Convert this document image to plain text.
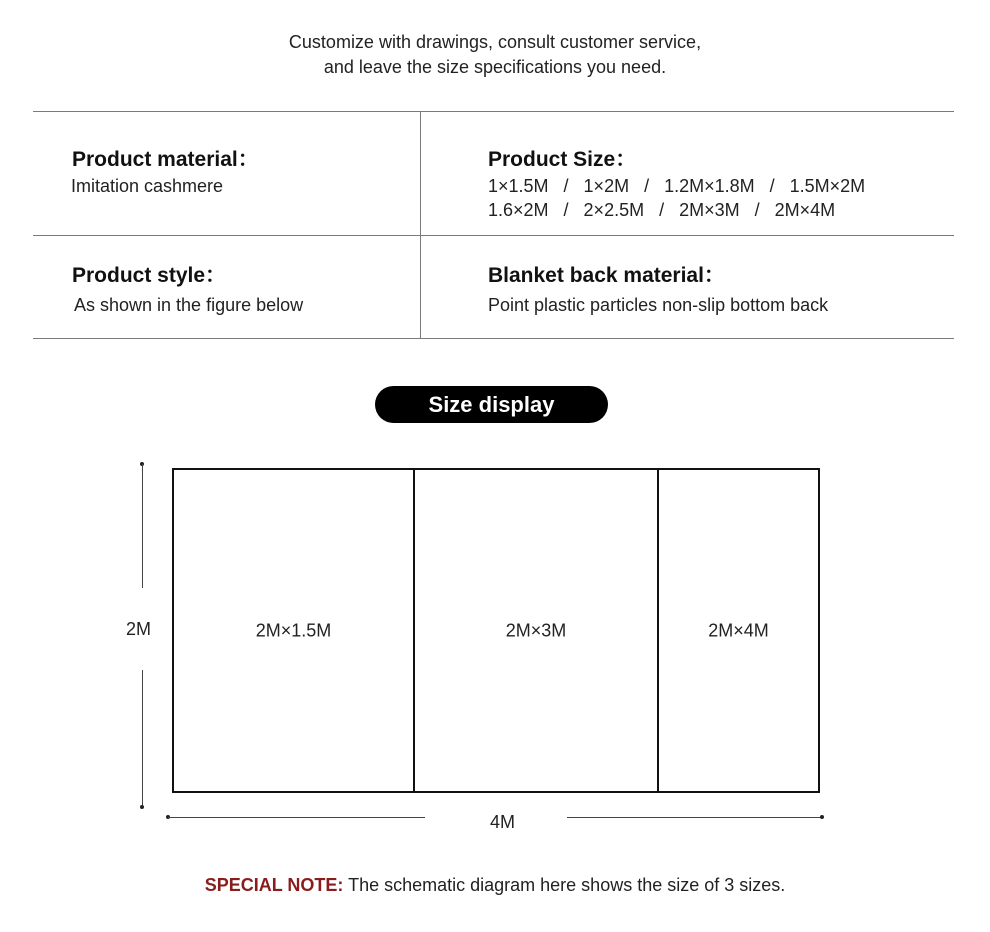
Customize with drawings, consult customer service,
and leave the size specifications you need.
Product material：
Imitation cashmere
Product Size：
1×1.5M   /   1×2M   /   1.2M×1.8M   /   1.5M×2M
1.6×2M   /   2×2.5M   /   2M×3M   /   2M×4M
Product style：
As shown in the figure below
Blanket back material：
Point plastic particles non-slip bottom back
Size display
2M	2M×1.5M	2M×3M	2M×4M
4M
SPECIAL NOTE: The schematic diagram here shows the size of 3 sizes.
